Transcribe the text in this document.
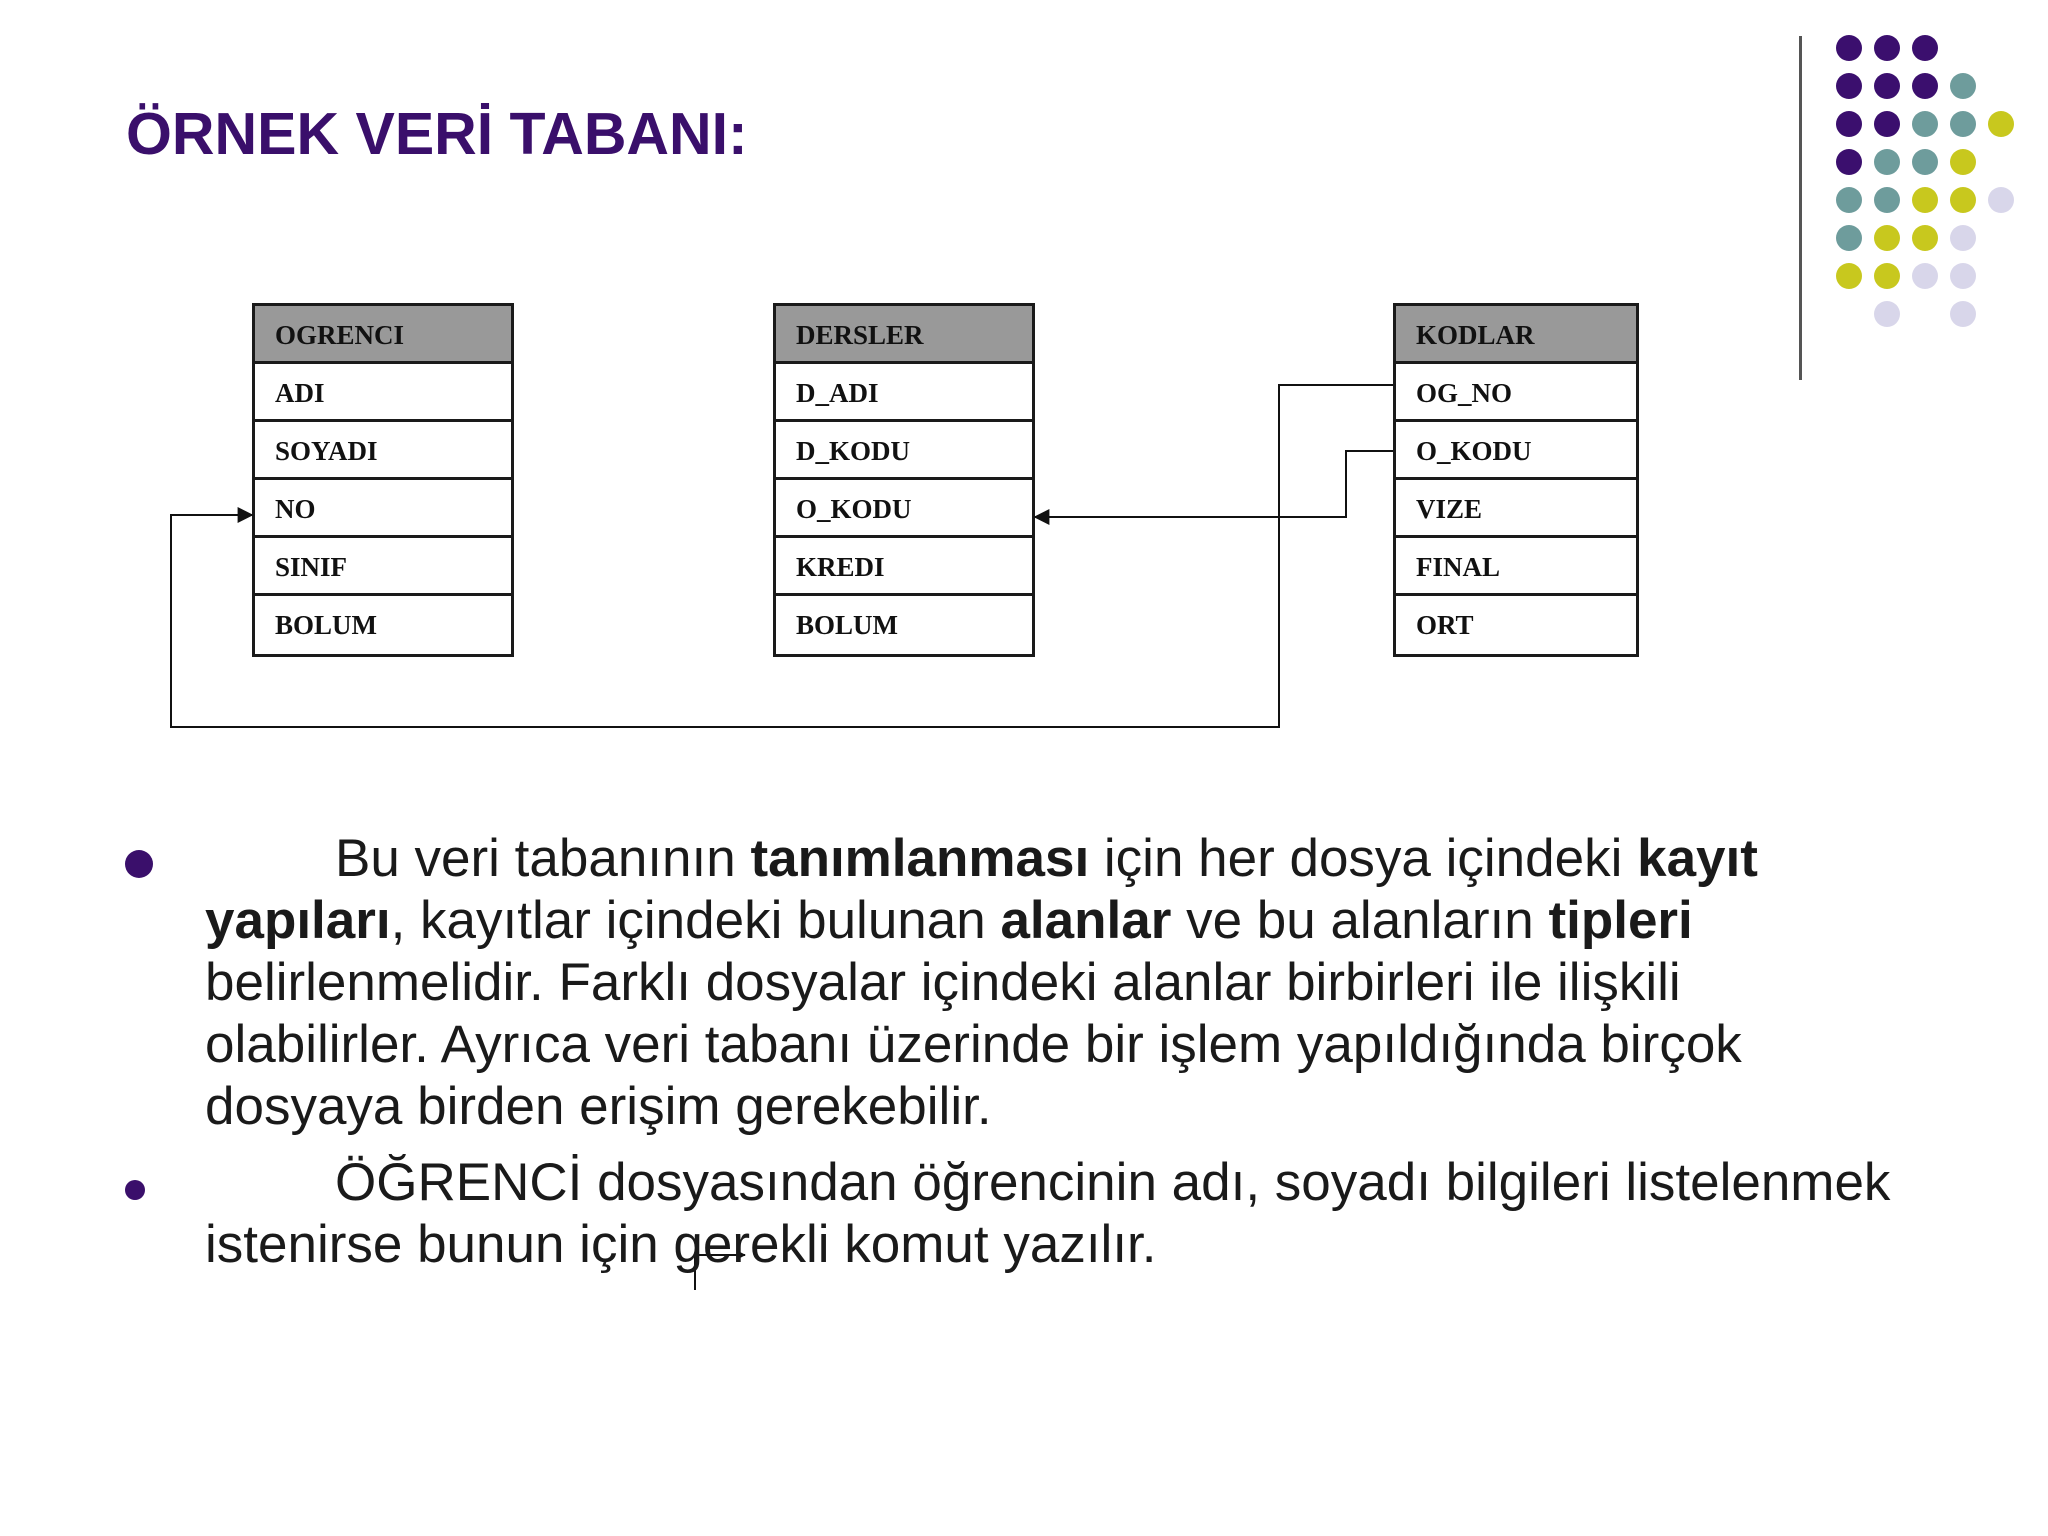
ÖRNEK VERİ TABANI:
OGRENCI
ADI
SOYADI
NO
SINIF
BOLUM
DERSLER
D_ADI
D_KODU
O_KODU
KREDI
BOLUM
KODLAR
OG_NO
O_KODU
VIZE
FINAL
ORT

Bu veri tabanının tanımlanması için her dosya içindeki kayıt yapıları, kayıtlar içindeki bulunan alanlar ve bu alanların tipleri belirlenmelidir. Farklı dosyalar içindeki alanlar birbirleri ile ilişkili olabilirler. Ayrıca veri tabanı üzerinde bir işlem yapıldığında birçok dosyaya birden erişim gerekebilir.

ÖĞRENCİ dosyasından öğrencinin adı, soyadı bilgileri listelenmek istenirse bunun için gerekli komut yazılır.
